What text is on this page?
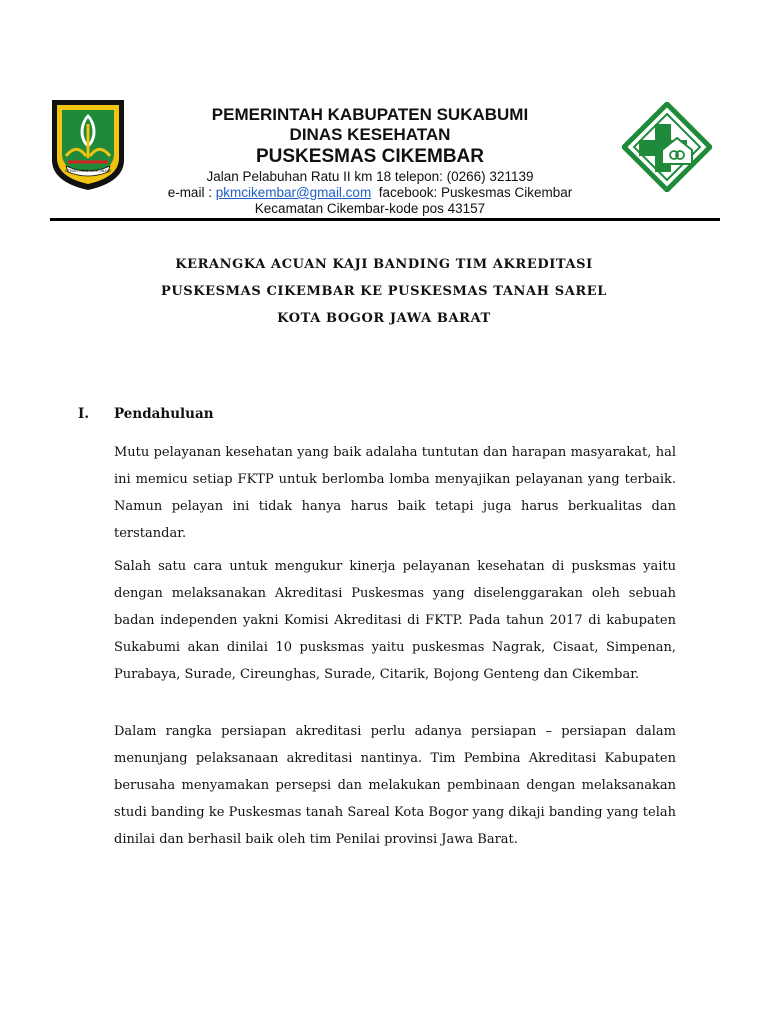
GEMAH RIPAH LOH JINAWI
PEMERINTAH KABUPATEN SUKABUMI
DINAS KESEHATAN
PUSKESMAS CIKEMBAR
Jalan Pelabuhan Ratu II km 18 telepon: (0266) 321139
e-mail : pkmcikembar@gmail.com facebook: Puskesmas Cikembar
Kecamatan Cikembar-kode pos 43157
KERANGKA ACUAN KAJI BANDING TIM AKREDITASI
PUSKESMAS CIKEMBAR KE PUSKESMAS TANAH SAREL
KOTA BOGOR JAWA BARAT
I. Pendahuluan
Mutu pelayanan kesehatan yang baik adalaha tuntutan dan harapan masyarakat, hal ini memicu setiap FKTP untuk berlomba lomba menyajikan pelayanan yang terbaik. Namun pelayan ini tidak hanya harus baik tetapi juga harus berkualitas dan terstandar.
Salah satu cara untuk mengukur kinerja pelayanan kesehatan di pusksmas yaitu dengan melaksanakan Akreditasi Puskesmas yang diselenggarakan oleh sebuah badan independen yakni Komisi Akreditasi di FKTP. Pada tahun 2017 di kabupaten Sukabumi akan dinilai 10 pusksmas yaitu puskesmas Nagrak, Cisaat, Simpenan, Purabaya, Surade, Cireunghas, Surade, Citarik, Bojong Genteng dan Cikembar.
Dalam rangka persiapan akreditasi perlu adanya persiapan – persiapan dalam menunjang pelaksanaan akreditasi nantinya. Tim Pembina Akreditasi Kabupaten berusaha menyamakan persepsi dan melakukan pembinaan dengan melaksanakan studi banding ke Puskesmas tanah Sareal Kota Bogor yang dikaji banding yang telah dinilai dan berhasil baik oleh tim Penilai provinsi Jawa Barat.
